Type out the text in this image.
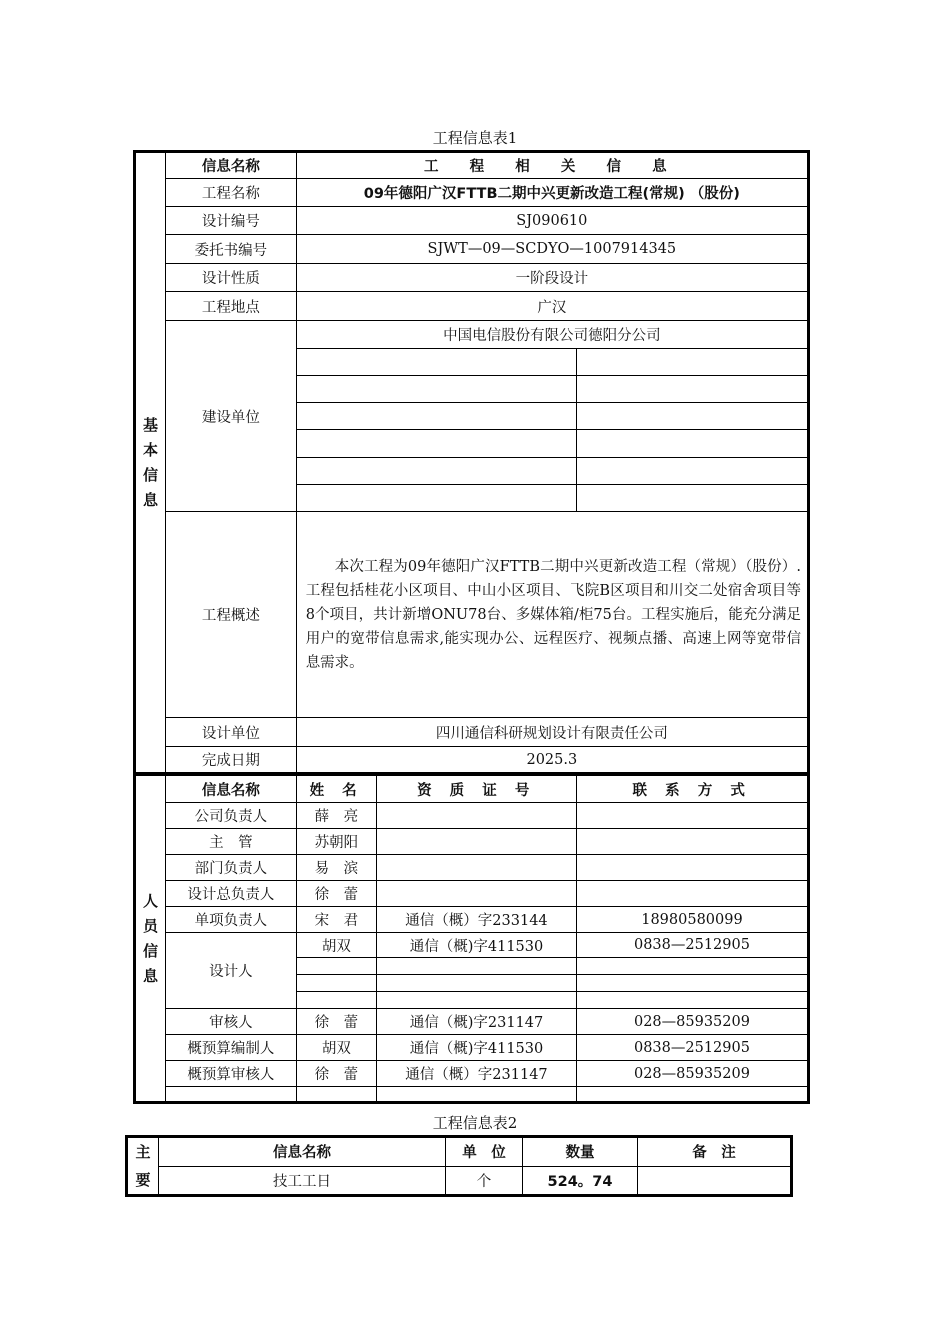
工程信息表1
基本信息	信息名称	工 程 相 关 信 息	
	工程名称	09年德阳广汉FTTB二期中兴更新改造工程(常规) （股份)	
	设计编号	SJ090610	
	委托书编号	SJWT—09—SCDYO—1007914345	
	设计性质	一阶段设计	
	工程地点	广汉	
	建设单位	中国电信股份有限公司德阳分公司	

	工程概述	本次工程为09年德阳广汉FTTB二期中兴更新改造工程（常规）（股份）.工程包括桂花小区项目、中山小区项目、飞院B区项目和川交二处宿舍项目等8个项目，共计新增ONU78台、多媒体箱/柜75台。工程实施后，能充分满足用户的宽带信息需求,能实现办公、远程医疗、视频点播、高速上网等宽带信息需求。	

	设计单位	四川通信科研规划设计有限责任公司	
	完成日期	2025.3	
人员信息	信息名称	姓 名	资 质 证 号	联 系 方 式
	公司负责人	薛　亮		
	主　管	苏朝阳		
	部门负责人	易　滨		
	设计总负责人	徐　蕾		
	单项负责人	宋　君	通信（概）字233144	18980580099
	设计人	胡双	通信（概)字411530	0838—2512905

	审核人	徐　蕾	通信（概)字231147	028—85935209
	概预算编制人	胡双	通信（概)字411530	0838—2512905
	概预算审核人	徐　蕾	通信（概）字231147	028—85935209

工程信息表2
主要	信息名称	单　位	数量	备　注
	技工工日	个	524。74	
